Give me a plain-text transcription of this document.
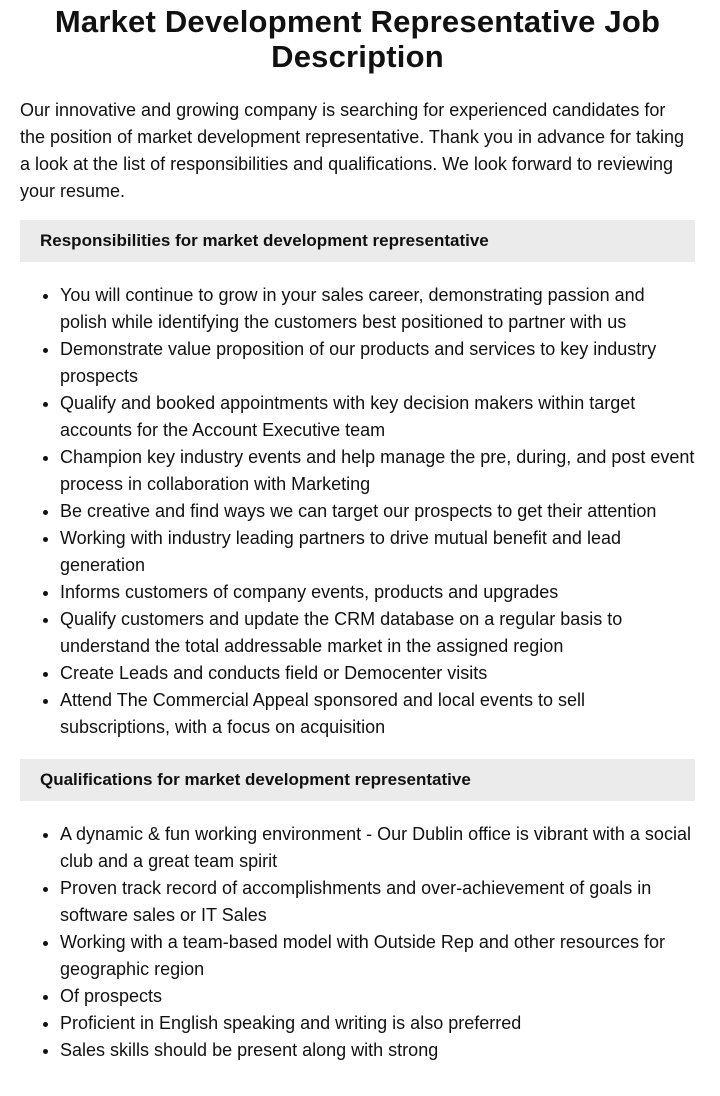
Market Development Representative Job Description

Our innovative and growing company is searching for experienced candidates for the position of market development representative. Thank you in advance for taking a look at the list of responsibilities and qualifications. We look forward to reviewing your resume.

Responsibilities for market development representative
• You will continue to grow in your sales career, demonstrating passion and polish while identifying the customers best positioned to partner with us
• Demonstrate value proposition of our products and services to key industry prospects
• Qualify and booked appointments with key decision makers within target accounts for the Account Executive team
• Champion key industry events and help manage the pre, during, and post event process in collaboration with Marketing
• Be creative and find ways we can target our prospects to get their attention
• Working with industry leading partners to drive mutual benefit and lead generation
• Informs customers of company events, products and upgrades
• Qualify customers and update the CRM database on a regular basis to understand the total addressable market in the assigned region
• Create Leads and conducts field or Democenter visits
• Attend The Commercial Appeal sponsored and local events to sell subscriptions, with a focus on acquisition
Qualifications for market development representative
• A dynamic & fun working environment - Our Dublin office is vibrant with a social club and a great team spirit
• Proven track record of accomplishments and over-achievement of goals in software sales or IT Sales
• Working with a team-based model with Outside Rep and other resources for geographic region
• Of prospects
• Proficient in English speaking and writing is also preferred
• Sales skills should be present along with strong
